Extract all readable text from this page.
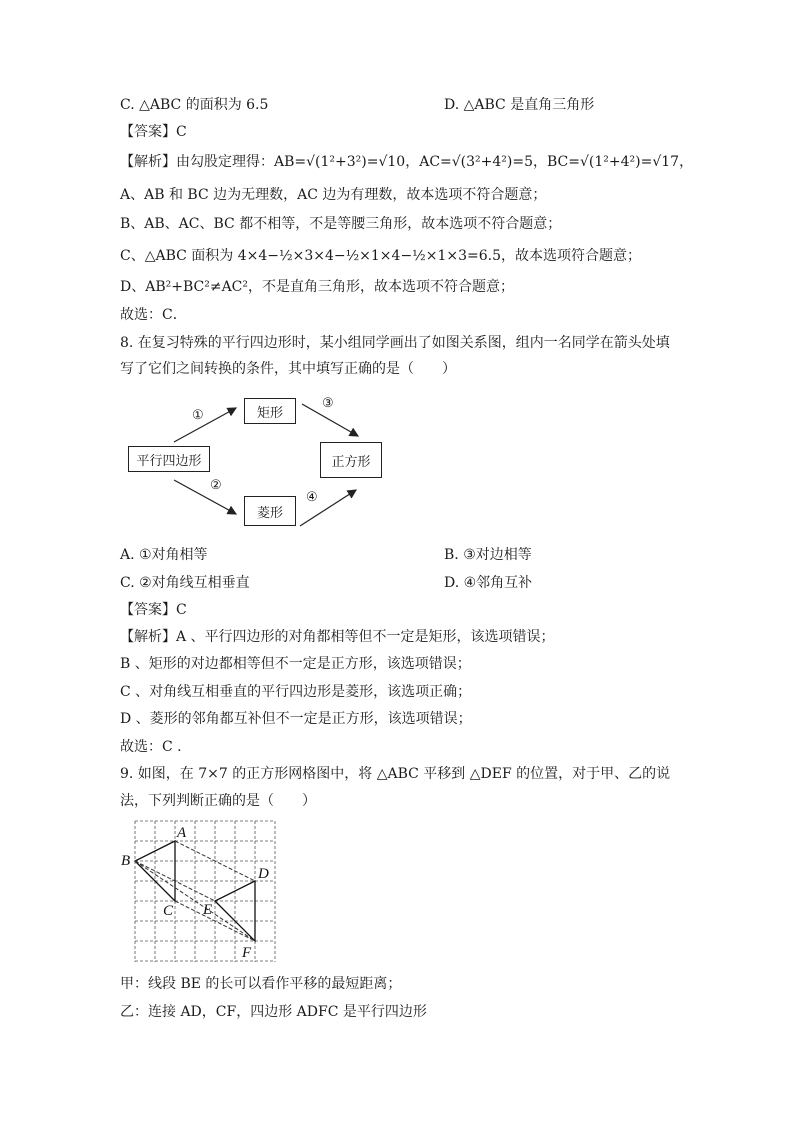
C. △ABC 的面积为 6.5	D. △ABC 是直角三角形
【答案】C
【解析】由勾股定理得：AB=√(1²+3²)=√10，AC=√(3²+4²)=5，BC=√(1²+4²)=√17，
A、AB 和 BC 边为无理数，AC 边为有理数，故本选项不符合题意；
B、AB、AC、BC 都不相等，不是等腰三角形，故本选项不符合题意；
C、△ABC 面积为 4×4−½×3×4−½×1×4−½×1×3=6.5，故本选项符合题意；
D、AB²+BC²≠AC²，不是直角三角形，故本选项不符合题意；
故选：C．
8. 在复习特殊的平行四边形时，某小组同学画出了如图关系图，组内一名同学在箭头处填
写了它们之间转换的条件，其中填写正确的是（　　）
平行四边形
矩形
菱形
正方形
①
②
③
④
A. ①对角相等	B. ③对边相等
C. ②对角线互相垂直	D. ④邻角互补
【答案】C
【解析】A 、平行四边形的对角都相等但不一定是矩形，该选项错误；
B 、矩形的对边都相等但不一定是正方形，该选项错误；
C 、对角线互相垂直的平行四边形是菱形，该选项正确；
D 、菱形的邻角都互补但不一定是正方形，该选项错误；
故选：C .
9. 如图，在 7×7 的正方形网格图中，将 △ABC 平移到 △DEF 的位置，对于甲、乙的说
法，下列判断正确的是（　　）
A
B
C
D
E
F
甲：线段 BE 的长可以看作平移的最短距离；
乙：连接 AD，CF，四边形 ADFC 是平行四边形
